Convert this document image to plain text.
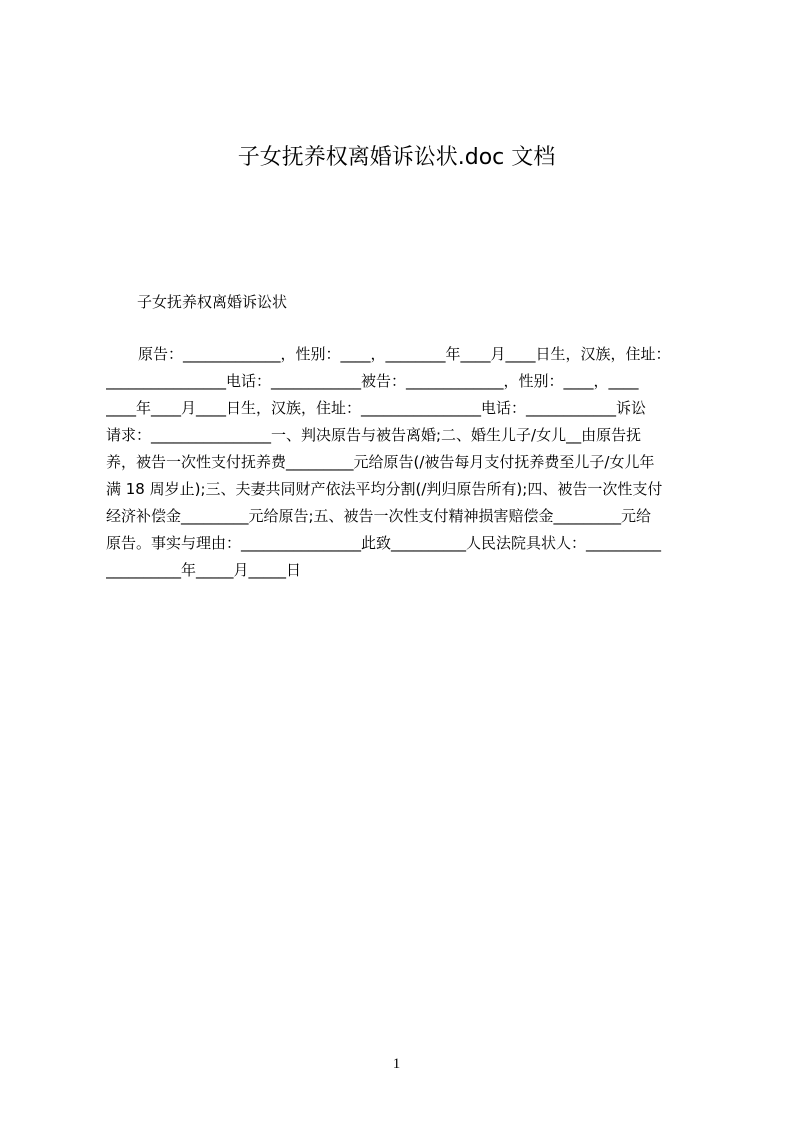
子女抚养权离婚诉讼状.doc 文档
子女抚养权离婚诉讼状
原告：_____________，性别：____，________年____月____日生，汉族，住址：
________________电话：____________被告：_____________，性别：____，____
____年____月____日生，汉族，住址：________________电话：____________诉讼
请求：________________一、判决原告与被告离婚;二、婚生儿子/女儿__由原告抚
养，被告一次性支付抚养费_________元给原告(/被告每月支付抚养费至儿子/女儿年
满 18 周岁止);三、夫妻共同财产依法平均分割(/判归原告所有);四、被告一次性支付
经济补偿金_________元给原告;五、被告一次性支付精神损害赔偿金_________元给
原告。事实与理由：________________此致__________人民法院具状人：__________
__________年_____月_____日
1
